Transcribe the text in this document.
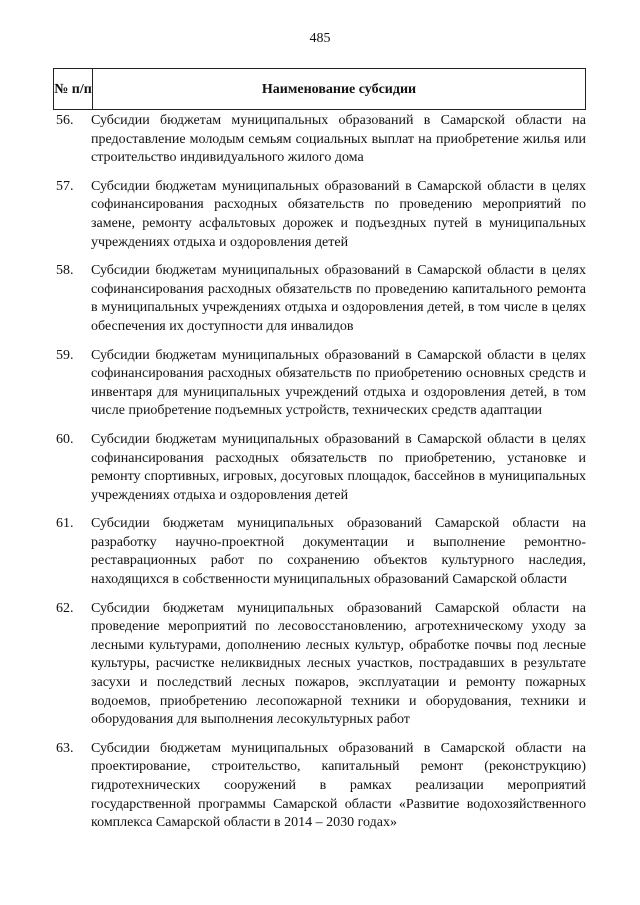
485
№ п/п	Наименование субсидии
56.	Субсидии бюджетам муниципальных образований в Самарской области на предоставление молодым семьям социальных выплат на приобретение жилья или строительство индивидуального жилого дома
57.	Субсидии бюджетам муниципальных образований в Самарской области в целях софинансирования расходных обязательств по проведению мероприятий по замене, ремонту асфальтовых дорожек и подъездных путей в муниципальных учреждениях отдыха и оздоровления детей
58.	Субсидии бюджетам муниципальных образований в Самарской области в целях софинансирования расходных обязательств по проведению капитального ремонта в муниципальных учреждениях отдыха и оздоровления детей, в том числе в целях обеспечения их доступности для инвалидов
59.	Субсидии бюджетам муниципальных образований в Самарской области в целях софинансирования расходных обязательств по приобретению основных средств и инвентаря для муниципальных учреждений отдыха и оздоровления детей, в том числе приобретение подъемных устройств, технических средств адаптации
60.	Субсидии бюджетам муниципальных образований в Самарской области в целях софинансирования расходных обязательств по приобретению, установке и ремонту спортивных, игровых, досуговых площадок, бассейнов в муниципальных учреждениях отдыха и оздоровления детей
61.	Субсидии бюджетам муниципальных образований Самарской области на разработку научно-проектной документации и выполнение ремонтно-реставрационных работ по сохранению объектов культурного наследия, находящихся в собственности муниципальных образований Самарской области
62.	Субсидии бюджетам муниципальных образований Самарской области на проведение мероприятий по лесовосстановлению, агротехническому уходу за лесными культурами, дополнению лесных культур, обработке почвы под лесные культуры, расчистке неликвидных лесных участков, пострадавших в результате засухи и последствий лесных пожаров, эксплуатации и ремонту пожарных водоемов, приобретению лесопожарной техники и оборудования, техники и оборудования для выполнения лесокультурных работ
63.	Субсидии бюджетам муниципальных образований в Самарской области на проектирование, строительство, капитальный ремонт (реконструкцию) гидротехнических сооружений в рамках реализации мероприятий государственной программы Самарской области «Развитие водохозяйственного комплекса Самарской области в 2014 – 2030 годах»
